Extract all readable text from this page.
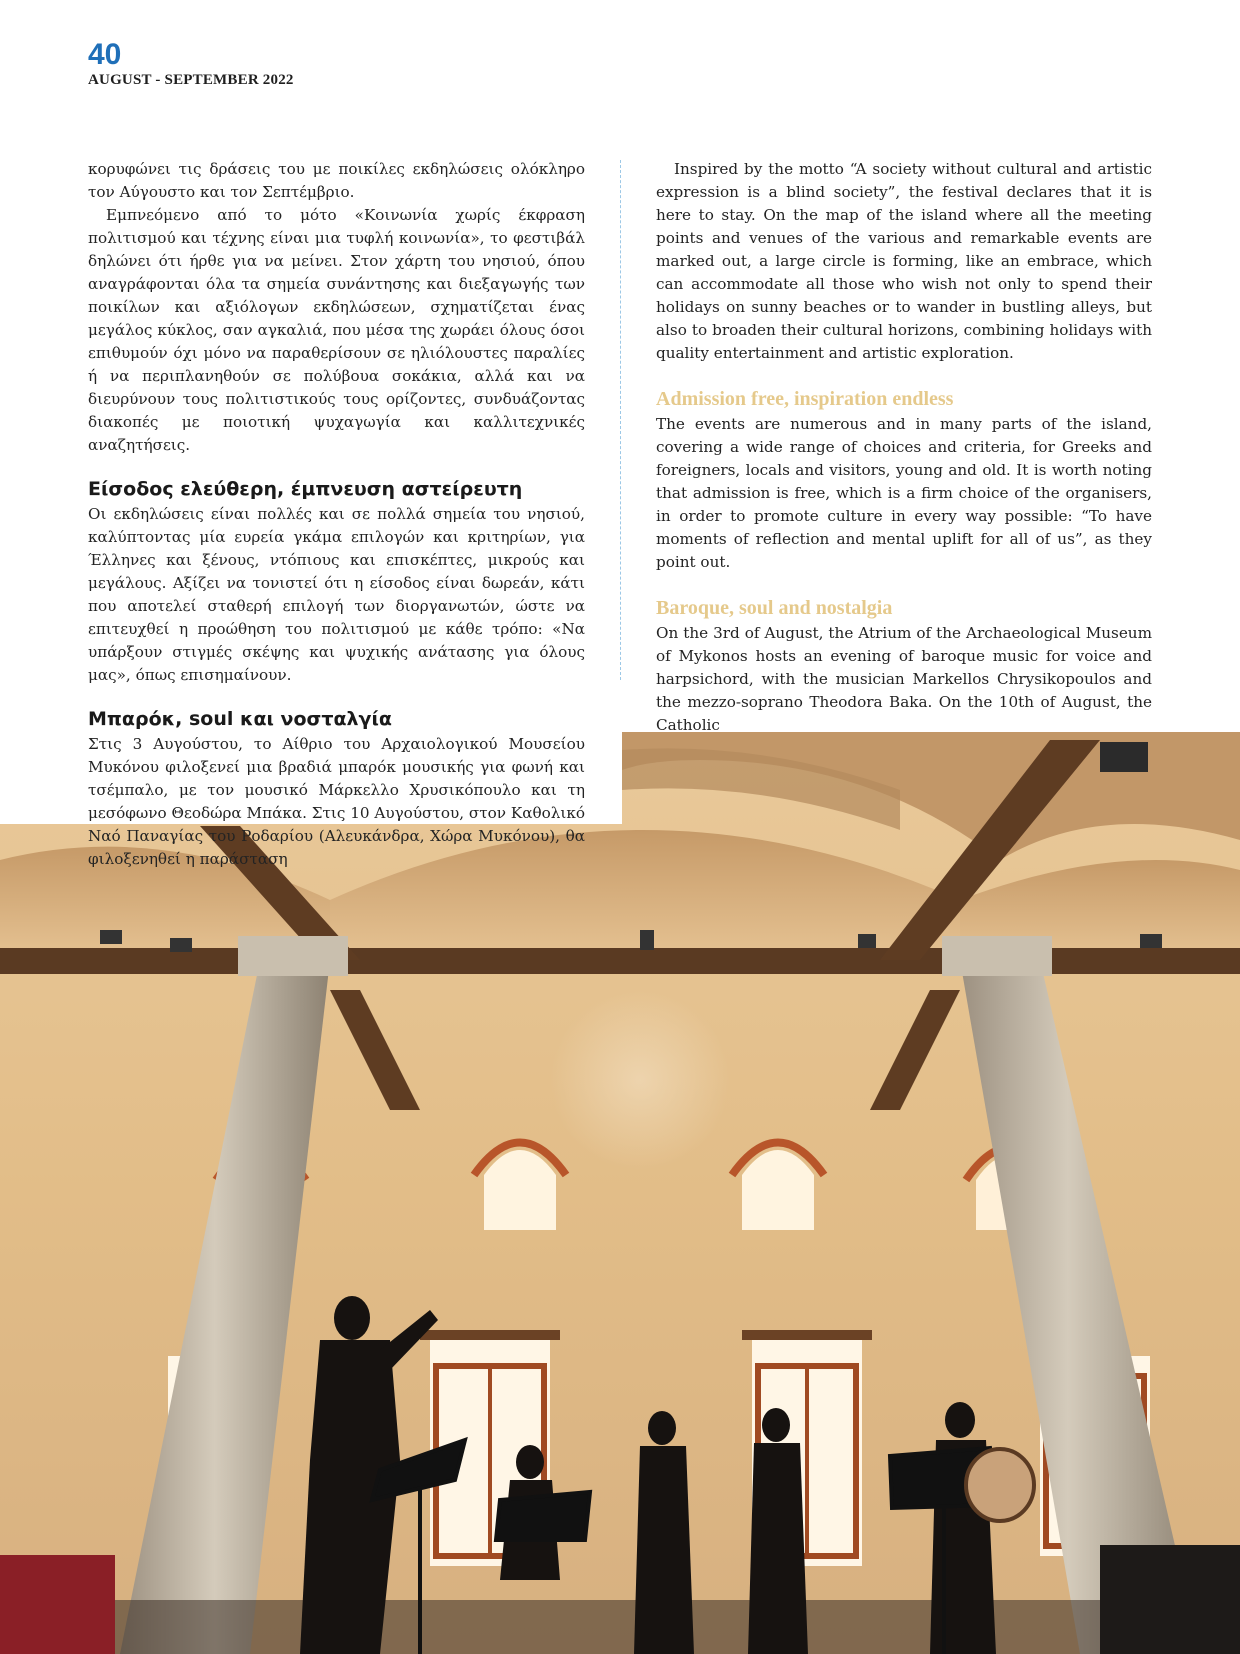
40
AUGUST - SEPTEMBER 2022

κορυφώνει τις δράσεις του με ποικίλες εκδηλώσεις ολόκληρο τον Αύγουστο και τον Σεπτέμβριο.

Εμπνεόμενο από το μότο «Κοινωνία χωρίς έκφραση πολιτισμού και τέχνης είναι μια τυφλή κοινωνία», το φεστιβάλ δηλώνει ότι ήρθε για να μείνει. Στον χάρτη του νησιού, όπου αναγράφονται όλα τα σημεία συνάντησης και διεξαγωγής των ποικίλων και αξιόλογων εκδηλώσεων, σχηματίζεται ένας μεγάλος κύκλος, σαν αγκαλιά, που μέσα της χωράει όλους όσοι επιθυμούν όχι μόνο να παραθερίσουν σε ηλιόλουστες παραλίες ή να περιπλανηθούν σε πολύβουα σοκάκια, αλλά και να διευρύνουν τους πολιτιστικούς τους ορίζοντες, συνδυάζοντας διακοπές με ποιοτική ψυχαγωγία και καλλιτεχνικές αναζητήσεις.

Είσοδος ελεύθερη, έμπνευση αστείρευτη

Οι εκδηλώσεις είναι πολλές και σε πολλά σημεία του νησιού, καλύπτοντας μία ευρεία γκάμα επιλογών και κριτηρίων, για Έλληνες και ξένους, ντόπιους και επισκέπτες, μικρούς και μεγάλους. Αξίζει να τονιστεί ότι η είσοδος είναι δωρεάν, κάτι που αποτελεί σταθερή επιλογή των διοργανωτών, ώστε να επιτευχθεί η προώθηση του πολιτισμού με κάθε τρόπο: «Να υπάρξουν στιγμές σκέψης και ψυχικής ανάτασης για όλους μας», όπως επισημαίνουν.

Μπαρόκ, soul και νοσταλγία

Στις 3 Αυγούστου, το Αίθριο του Αρχαιολογικού Μουσείου Μυκόνου φιλοξενεί μια βραδιά μπαρόκ μουσικής για φωνή και τσέμπαλο, με τον μουσικό Μάρκελλο Χρυσικόπουλο και τη μεσόφωνο Θεοδώρα Μπάκα. Στις 10 Αυγούστου, στον Καθολικό Ναό Παναγίας του Ροδαρίου (Αλευκάνδρα, Χώρα Μυκόνου), θα φιλοξενηθεί η παράσταση

Inspired by the motto “A society without cultural and artistic expression is a blind society”, the festival declares that it is here to stay. On the map of the island where all the meeting points and venues of the various and remarkable events are marked out, a large circle is forming, like an embrace, which can accommodate all those who wish not only to spend their holidays on sunny beaches or to wander in bustling alleys, but also to broaden their cultural horizons, combining holidays with quality entertainment and artistic exploration.

Admission free, inspiration endless

The events are numerous and in many parts of the island, covering a wide range of choices and criteria, for Greeks and foreigners, locals and visitors, young and old. It is worth noting that admission is free, which is a firm choice of the organisers, in order to promote culture in every way possible: “To have moments of reflection and mental uplift for all of us”, as they point out.

Baroque, soul and nostalgia

On the 3rd of August, the Atrium of the Archaeological Museum of Mykonos hosts an evening of baroque music for voice and harpsichord, with the musician Markellos Chrysikopoulos and the mezzo-soprano Theodora Baka. On the 10th of August, the Catholic
